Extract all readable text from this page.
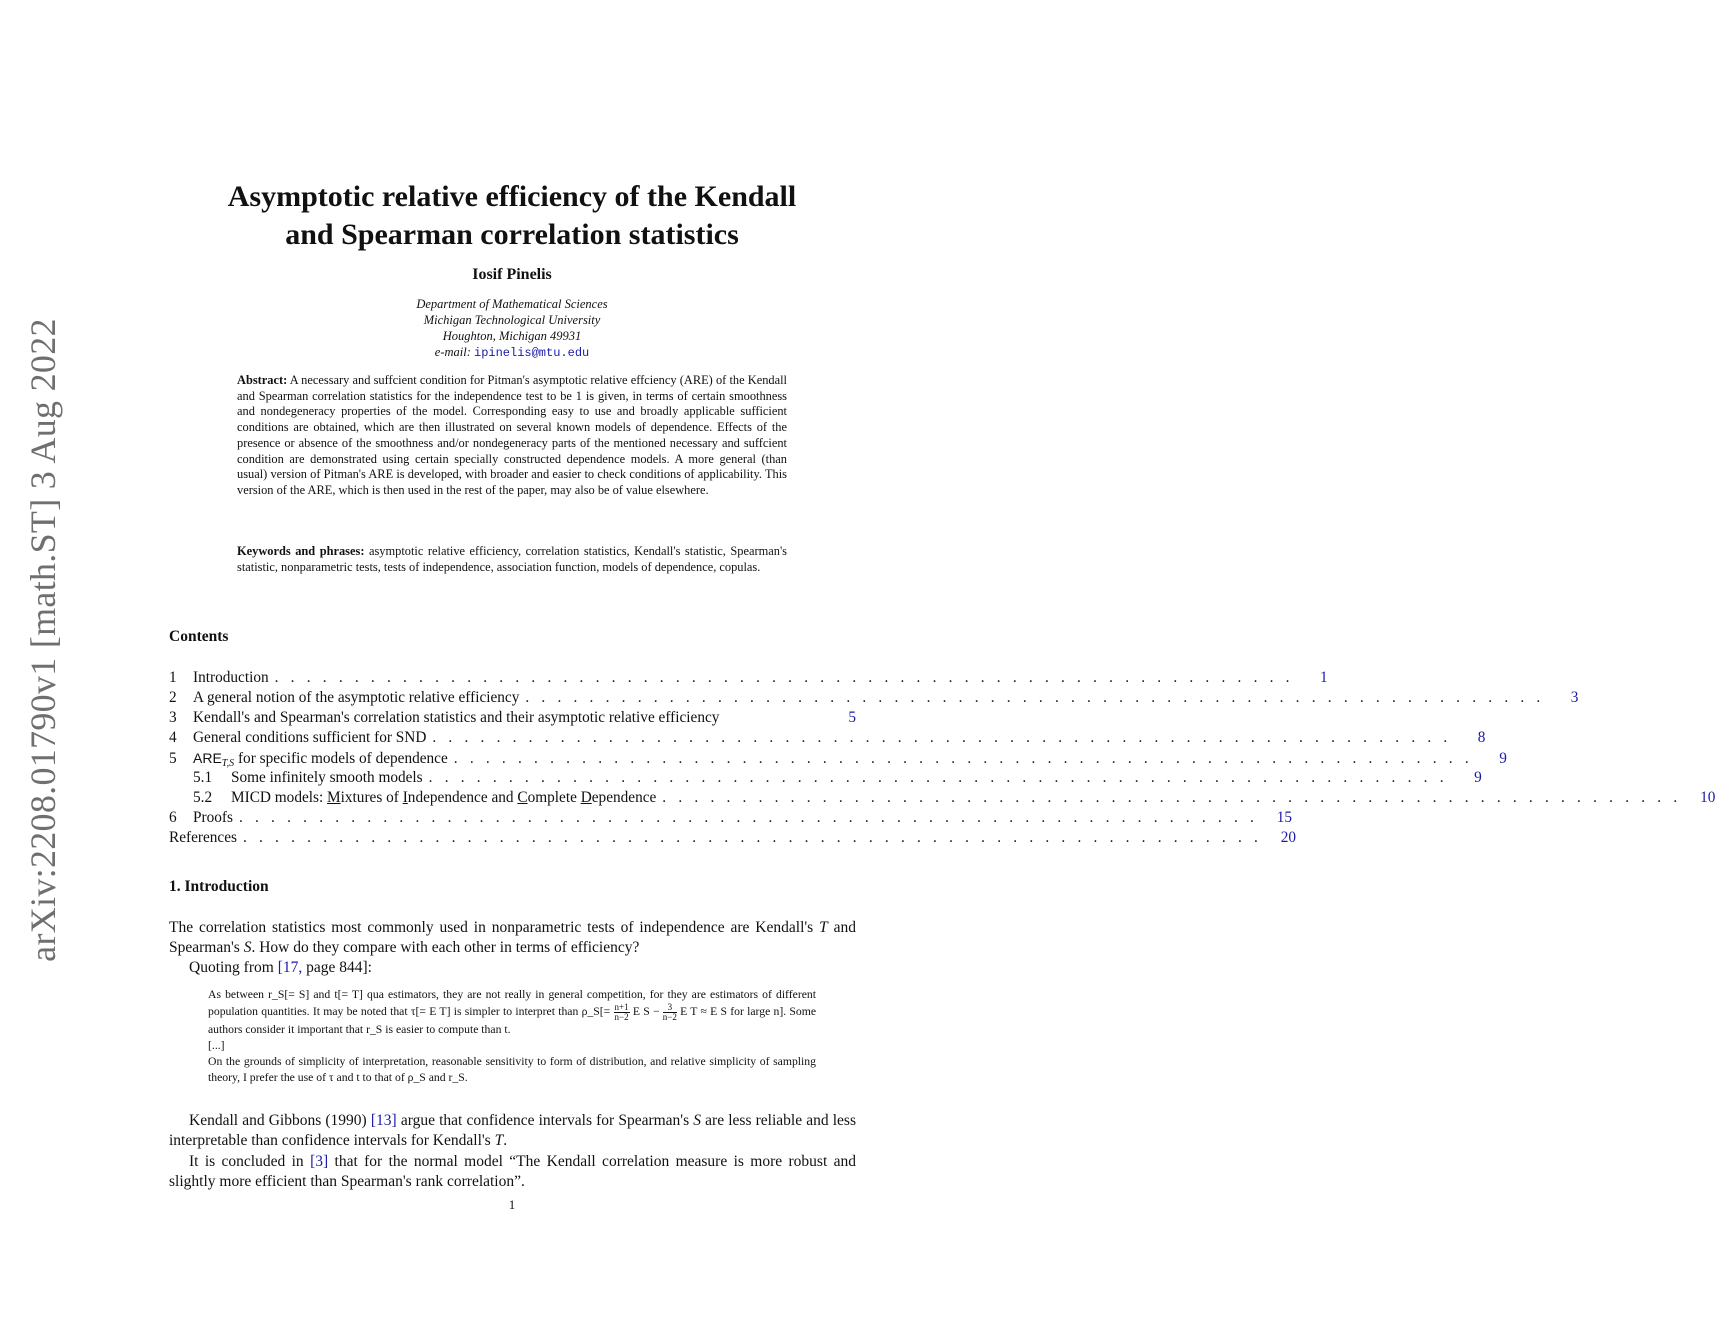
arXiv:2208.01790v1 [math.ST] 3 Aug 2022
Asymptotic relative efficiency of the Kendall
and Spearman correlation statistics
Iosif Pinelis
Department of Mathematical Sciences
Michigan Technological University
Houghton, Michigan 49931
e-mail: ipinelis@mtu.edu
Abstract: A necessary and suffcient condition for Pitman's asymptotic relative effciency (ARE) of the Kendall and Spearman correlation statistics for the independence test to be 1 is given, in terms of certain smoothness and nondegeneracy properties of the model. Corresponding easy to use and broadly applicable sufficient conditions are obtained, which are then illustrated on several known models of dependence. Effects of the presence or absence of the smoothness and/or nondegeneracy parts of the mentioned necessary and suffcient condition are demonstrated using certain specially constructed dependence models. A more general (than usual) version of Pitman's ARE is developed, with broader and easier to check conditions of applicability. This version of the ARE, which is then used in the rest of the paper, may also be of value elsewhere.
Keywords and phrases: asymptotic relative efficiency, correlation statistics, Kendall's statistic, Spearman's statistic, nonparametric tests, tests of independence, association function, models of dependence, copulas.
Contents
1	Introduction . . . . . . . . . . . . . . . . . . . . . . . . . . . . . . . . . . . . . . . . . . . . . . . . . . . . . . . . . . . . . . . .	1
2	A general notion of the asymptotic relative efficiency . . . . . . . . . . . . . . . . . . . . . . . . . . . . . . . . . . . . . . . . . . . . . . . . . . . . . . . . . . . . . . . .	3
3	Kendall's and Spearman's correlation statistics and their asymptotic relative efficiency	5
4	General conditions sufficient for SND . . . . . . . . . . . . . . . . . . . . . . . . . . . . . . . . . . . . . . . . . . . . . . . . . . . . . . . . . . . . . . . .	8
5	$ARE_{T,S}$ for specific models of dependence . . . . . . . . . . . . . . . . . . . . . . . . . . . . . . . . . . . . . . . . . . . . . . . . . . . . . . . . . . . . . . . .	9
5.1	Some infinitely smooth models . . . . . . . . . . . . . . . . . . . . . . . . . . . . . . . . . . . . . . . . . . . . . . . . . . . . . . . . . . . . . . . .	9
5.2	MICD models: Mixtures of Independence and Complete Dependence . . . . . . . . . . . . . . . . . . . . . . . . . . . . . . . . . . . . . . . . . . . . . . . . . . . . . . . . . . . . . . . .	10
6	Proofs . . . . . . . . . . . . . . . . . . . . . . . . . . . . . . . . . . . . . . . . . . . . . . . . . . . . . . . . . . . . . . . .	15
References . . . . . . . . . . . . . . . . . . . . . . . . . . . . . . . . . . . . . . . . . . . . . . . . . . . . . . . . . . . . . . . .	20
1. Introduction
The correlation statistics most commonly used in nonparametric tests of independence are Kendall's T and Spearman's S. How do they compare with each other in terms of efficiency?
Quoting from [17, page 844]:

As between r_S[= S] and t[= T] qua estimators, they are not really in general competition, for they are estimators of different population quantities. It may be noted that τ[= E T] is simpler to interpret than ρ_S[= $\frac{n+1}{n-2}$ E $S - \frac{3}{n-2}$ E T ≈ E S for large n]. Some authors consider it important that r_S is easier to compute than t.

[...]

On the grounds of simplicity of interpretation, reasonable sensitivity to form of distribution, and relative simplicity of sampling theory, I prefer the use of τ and t to that of ρ_S and r_S.

Kendall and Gibbons (1990) [13] argue that confidence intervals for Spearman's S are less reliable and less interpretable than confidence intervals for Kendall's T.
It is concluded in [3] that for the normal model “The Kendall correlation measure is more robust and slightly more efficient than Spearman's rank correlation”.
1
